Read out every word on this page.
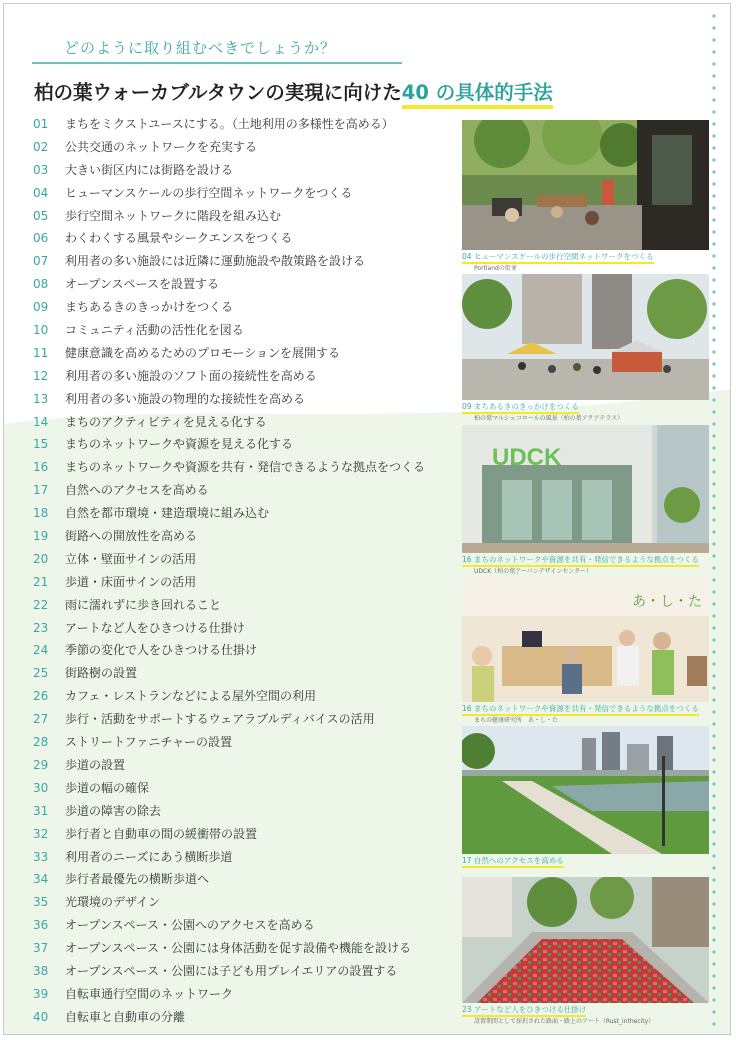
どのように取り組むべきでしょうか？
柏の葉ウォーカブルタウンの実現に向けた40 の具体的手法
01	まちをミクストユースにする。（土地利用の多様性を高める）
02	公共交通のネットワークを充実する
03	大きい街区内には街路を設ける
04	ヒューマンスケールの歩行空間ネットワークをつくる
05	歩行空間ネットワークに階段を組み込む
06	わくわくする風景やシークエンスをつくる
07	利用者の多い施設には近隣に運動施設や散策路を設ける
08	オープンスペースを設置する
09	まちあるきのきっかけをつくる
10	コミュニティ活動の活性化を図る
11	健康意識を高めるためのプロモーションを展開する
12	利用者の多い施設のソフト面の接続性を高める
13	利用者の多い施設の物理的な接続性を高める
14	まちのアクティビティを見える化する
15	まちのネットワークや資源を見える化する
16	まちのネットワークや資源を共有・発信できるような拠点をつくる
17	自然へのアクセスを高める
18	自然を都市環境・建造環境に組み込む
19	街路への開放性を高める
20	立体・壁面サインの活用
21	歩道・床面サインの活用
22	雨に濡れずに歩き回れること
23	アートなど人をひきつける仕掛け
24	季節の変化で人をひきつける仕掛け
25	街路樹の設置
26	カフェ・レストランなどによる屋外空間の利用
27	歩行・活動をサポートするウェアラブルディバイスの活用
28	ストリートファニチャーの設置
29	歩道の設置
30	歩道の幅の確保
31	歩道の障害の除去
32	歩行者と自動車の間の緩衝帯の設置
33	利用者のニーズにあう横断歩道
34	歩行者最優先の横断歩道へ
35	光環境のデザイン
36	オープンスペース・公園へのアクセスを高める
37	オープンスペース・公園には身体活動を促す設備や機能を設ける
38	オープンスペース・公園には子ども用プレイエリアの設置する
39	自転車通行空間のネットワーク
40	自転車と自動車の分離
04 ヒューマンスケールの歩行空間ネットワークをつくる
Portlandの街並
09 まちあるきのきっかけをつくる
柏の葉マルシェコロールの風景（柏の葉アクアテラス）
UDCK
16 まちのネットワークや資源を共有・発信できるような拠点をつくる
UDCK（柏の葉アーバンデザインセンター）
あ・し・た
16 まちのネットワークや資源を共有・発信できるような拠点をつくる
まちの健康研究所　あ・し・た
17 自然へのアクセスを高める
23 アートなど人をひきつける仕掛け
設置期間として採択された路面・路上のアート（Rust_inthecity）
